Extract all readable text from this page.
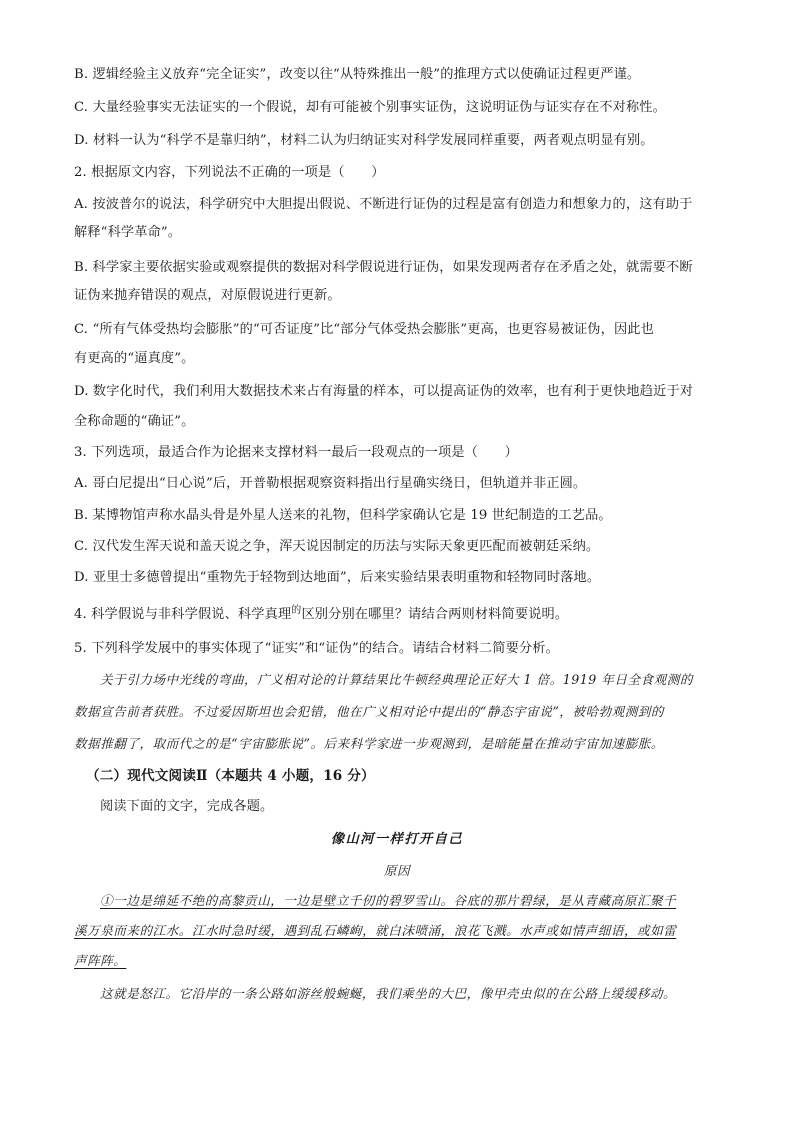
B. 逻辑经验主义放弃“完全证实”，改变以往“从特殊推出一般”的推理方式以使确证过程更严谨。
C. 大量经验事实无法证实的一个假说，却有可能被个别事实证伪，这说明证伪与证实存在不对称性。
D. 材料一认为“科学不是靠归纳”，材料二认为归纳证实对科学发展同样重要，两者观点明显有别。
2. 根据原文内容，下列说法不正确的一项是（　　）
A. 按波普尔的说法，科学研究中大胆提出假说、不断进行证伪的过程是富有创造力和想象力的，这有助于
解释“科学革命”。
B. 科学家主要依据实验或观察提供的数据对科学假说进行证伪，如果发现两者存在矛盾之处，就需要不断
证伪来抛弃错误的观点，对原假说进行更新。
C. “所有气体受热均会膨胀”的“可否证度”比“部分气体受热会膨胀”更高，也更容易被证伪，因此也
有更高的“逼真度”。
D. 数字化时代，我们利用大数据技术来占有海量的样本，可以提高证伪的效率，也有利于更快地趋近于对
全称命题的“确证”。
3. 下列选项，最适合作为论据来支撑材料一最后一段观点的一项是（　　）
A. 哥白尼提出“日心说”后，开普勒根据观察资料指出行星确实绕日，但轨道并非正圆。
B. 某博物馆声称水晶头骨是外星人送来的礼物，但科学家确认它是 19 世纪制造的工艺品。
C. 汉代发生浑天说和盖天说之争，浑天说因制定的历法与实际天象更匹配而被朝廷采纳。
D. 亚里士多德曾提出“重物先于轻物到达地面”，后来实验结果表明重物和轻物同时落地。
4. 科学假说与非科学假说、科学真理$^的$区别分别在哪里？请结合两则材料简要说明。
5. 下列科学发展中的事实体现了“证实”和“证伪”的结合。请结合材料二简要分析。
关于引力场中光线的弯曲，广义相对论的计算结果比牛顿经典理论正好大 1 倍。1919 年日全食观测的
数据宣告前者获胜。不过爱因斯坦也会犯错，他在广义相对论中提出的“静态宇宙说”，被哈勃观测到的
数据推翻了，取而代之的是“宇宙膨胀说”。后来科学家进一步观测到，是暗能量在推动宇宙加速膨胀。
（二）现代文阅读Ⅱ（本题共 4 小题，16 分）
阅读下面的文字，完成各题。
像山河一样打开自己
原因
①一边是绵延不绝的高黎贡山，一边是壁立千仞的碧罗雪山。谷底的那片碧绿，是从青藏高原汇聚千
溪万泉而来的江水。江水时急时缓，遇到乱石嶙峋，就白沫喷涌，浪花飞溅。水声或如情声细语，或如雷
声阵阵。
这就是怒江。它沿岸的一条公路如游丝般蜿蜒，我们乘坐的大巴，像甲壳虫似的在公路上缓缓移动。
